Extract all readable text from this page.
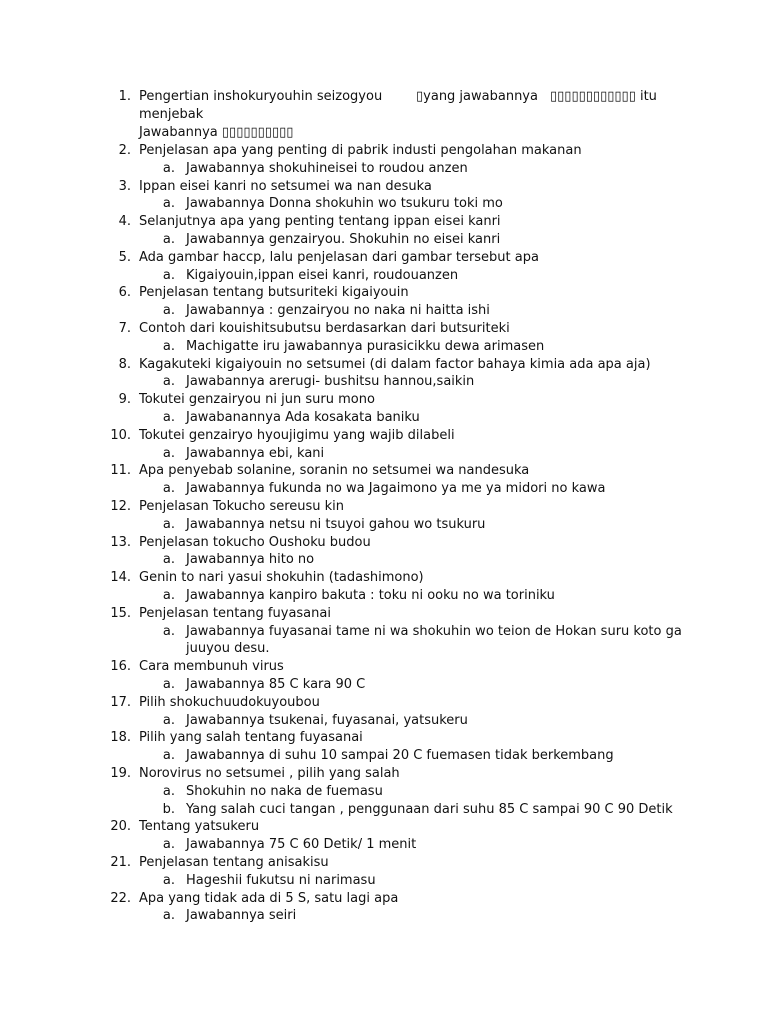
1. Pengertian inshokuryouhin seizogyou	▯yang jawabannya ▯▯▯▯▯▯▯▯▯▯▯▯ itu
menjebak
Jawabannya ▯▯▯▯▯▯▯▯▯▯
2. Penjelasan apa yang penting di pabrik industi pengolahan makanan
a. Jawabannya shokuhineisei to roudou anzen
3. Ippan eisei kanri no setsumei wa nan desuka
a. Jawabannya Donna shokuhin wo tsukuru toki mo
4. Selanjutnya apa yang penting tentang ippan eisei kanri
a. Jawabannya genzairyou. Shokuhin no eisei kanri
5. Ada gambar haccp, lalu penjelasan dari gambar tersebut apa
a. Kigaiyouin,ippan eisei kanri, roudouanzen
6. Penjelasan tentang butsuriteki kigaiyouin
a. Jawabannya : genzairyou no naka ni haitta ishi
7. Contoh dari kouishitsubutsu berdasarkan dari butsuriteki
a. Machigatte iru jawabannya purasicikku dewa arimasen
8. Kagakuteki kigaiyouin no setsumei (di dalam factor bahaya kimia ada apa aja)
a. Jawabannya arerugi- bushitsu hannou,saikin
9. Tokutei genzairyou ni jun suru mono
a. Jawabanannya Ada kosakata baniku
10. Tokutei genzairyo hyoujigimu yang wajib dilabeli
a. Jawabannya ebi, kani
11. Apa penyebab solanine, soranin no setsumei wa nandesuka
a. Jawabannya fukunda no wa Jagaimono ya me ya midori no kawa
12. Penjelasan Tokucho sereusu kin
a. Jawabannya netsu ni tsuyoi gahou wo tsukuru
13. Penjelasan tokucho Oushoku budou
a. Jawabannya hito no
14. Genin to nari yasui shokuhin (tadashimono)
a. Jawabannya kanpiro bakuta : toku ni ooku no wa toriniku
15. Penjelasan tentang fuyasanai
a. Jawabannya fuyasanai tame ni wa shokuhin wo teion de Hokan suru koto ga
juuyou desu.
16. Cara membunuh virus
a. Jawabannya 85 C kara 90 C
17. Pilih shokuchuudokuyoubou
a. Jawabannya tsukenai, fuyasanai, yatsukeru
18. Pilih yang salah tentang fuyasanai
a. Jawabannya di suhu 10 sampai 20 C fuemasen tidak berkembang
19. Norovirus no setsumei , pilih yang salah
a. Shokuhin no naka de fuemasu
b. Yang salah cuci tangan , penggunaan dari suhu 85 C sampai 90 C 90 Detik
20. Tentang yatsukeru
a. Jawabannya 75 C 60 Detik/ 1 menit
21. Penjelasan tentang anisakisu
a. Hageshii fukutsu ni narimasu
22. Apa yang tidak ada di 5 S, satu lagi apa
a. Jawabannya seiri
